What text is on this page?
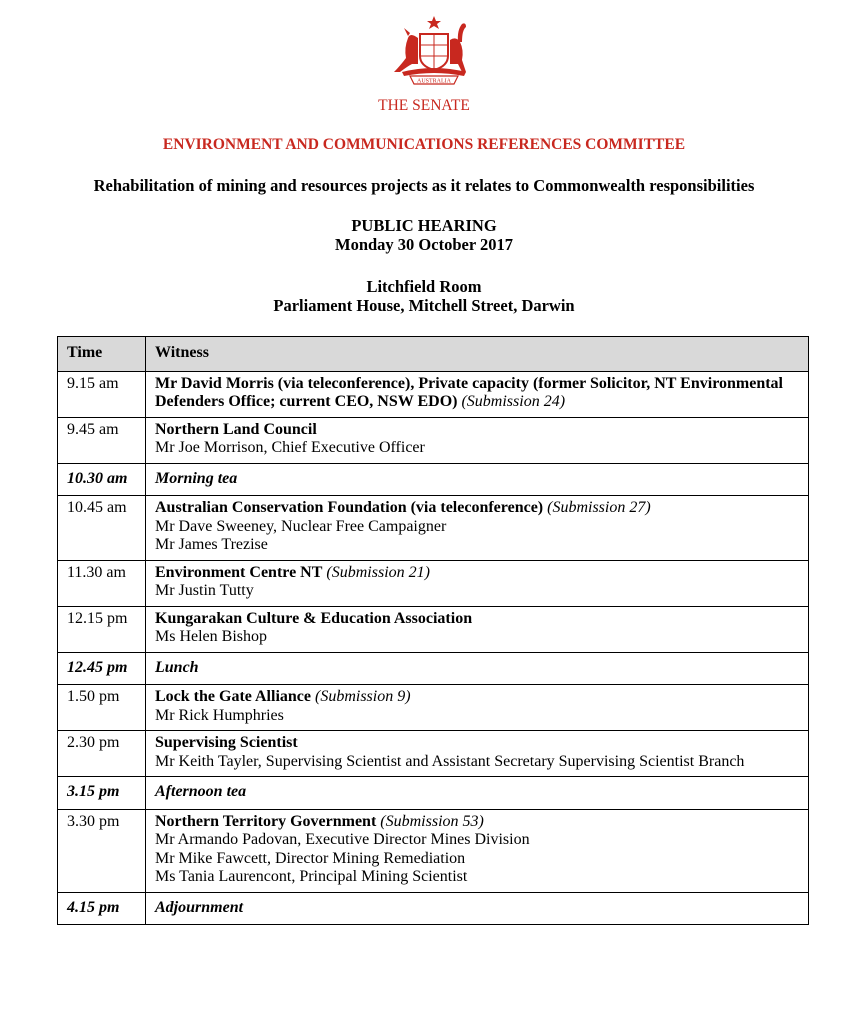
AUSTRALIA
THE SENATE
ENVIRONMENT AND COMMUNICATIONS REFERENCES COMMITTEE
Rehabilitation of mining and resources projects as it relates to Commonwealth responsibilities
PUBLIC HEARING
Monday 30 October 2017
Litchfield Room
Parliament House, Mitchell Street, Darwin
Time	Witness
9.15 am	Mr David Morris (via teleconference), Private capacity (former Solicitor, NT Environmental Defenders Office; current CEO, NSW EDO) (Submission 24)
9.45 am	Northern Land Council
Mr Joe Morrison, Chief Executive Officer

10.30 am	Morning tea
10.45 am	Australian Conservation Foundation (via teleconference) (Submission 27)
Mr Dave Sweeney, Nuclear Free Campaigner
Mr James Trezise

11.30 am	Environment Centre NT (Submission 21)
Mr Justin Tutty

12.15 pm	Kungarakan Culture & Education Association
Ms Helen Bishop

12.45 pm	Lunch
1.50 pm	Lock the Gate Alliance (Submission 9)
Mr Rick Humphries

2.30 pm	Supervising Scientist
Mr Keith Tayler, Supervising Scientist and Assistant Secretary Supervising Scientist Branch

3.15 pm	Afternoon tea
3.30 pm	Northern Territory Government (Submission 53)
Mr Armando Padovan, Executive Director Mines Division
Mr Mike Fawcett, Director Mining Remediation
Ms Tania Laurencont, Principal Mining Scientist

4.15 pm	Adjournment
